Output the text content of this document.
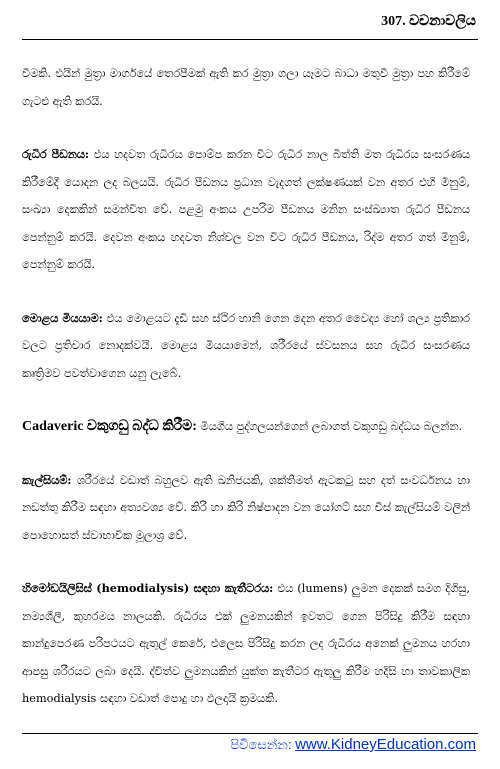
307. වචනාවලිය

වීමකි. එයින් මුත්‍රා මාර්ගයේ තෙරපීමක් ඇති කර මුත්‍රා ගලා යෑමට බාධා මතුවී මුත්‍රා පහ කිරීමේ ගැටළු ඇති කරයි.

රුධිර පීඩනය: එය හදවත රුධිරය පොම්ප කරන විට රුධිර නාල බිත්ති මත රුධිරය සංසරණය කිරීමේදී යොදන ලද බලයයි. රුධිර පීඩනය ප්‍රධාන වැදගත් ලක්ෂණයක් වන අතර එහි මිනුම්, සංඛ්‍යා දෙකකින් සමන්විත වේ. පළමු අංකය උපරිම පීඩනය මනින සංස්ඛ්‍යාත රුධිර පීඩනය පෙන්නුම් කරයි. දෙවන අංකය හදවත නිශ්චල වන විට රුධිර පීඩනය, රිද්ම අතර ගත් මිනුම්, පෙන්නුම් කරයි.

මොළය මියයාම: එය මොළයට දැඩි සහ ස්ථිර හානි ගෙන දෙන අතර වෛද්‍ය හෝ ශල්‍ය ප්‍රතිකාර වලට ප්‍රතිචාර නොදක්වයි. මොළය මියයාමෙන්, ශරීරයේ ස්වසනය සහ රුධිර සංසරණය කෘත්‍රිමව පවත්වාගෙන යනු ලැබේ.

Cadaveric වකුගඩු බද්ධ කිරීම: මියගිය පුද්ගලයන්ගෙන් ලබාගත් වකුගඩු බද්ධය බලන්න.

කැල්සියම්: ශරීරයේ වඩාත් බහුලව ඇති ඛනිජයකි, ශක්තිමත් ඇටකටු සහ දත් සංවර්ධනය හා නඩත්තු කිරීම සඳහා අත්‍යවශ්‍ය වේ. කිරි හා කිරි නිෂ්පාදන වන යෝගට් සහ චීස් කැල්සියම් වලින් පොහොසත් ස්වාභාවික මූලාශ්‍ර වේ.

හිමෝඩයිලිසිස් (hemodialysis) සඳහා කැතීටරය: එය (lumens) ලුමන දෙකක් සමග දිගිසු, නම්‍යශීලී, කුහරමය නාලයකි. රුධිරය එක් ලුමනයකින් ඉවතට ගෙන පිරිසිදු කිරීම සඳහා කාන්දුපෙරණ පරිපථයට ඇතුල් කෙරේ, එලෙස පිරිසිදු කරන ලද රුධිරය අනෙක් ලුමනය හරහා ආපසු ශරීරයට ලබා දෙයි. ද්විත්ව ලුමනයකින් යුක්ත කැතීටර ඇතුලු කිරීම හදිසි හා තාවකාලික hemodialysis සඳහා වඩාත් පොදු හා ඵලදායි ක්‍රමයකි.

පිවිසෙන්න: www.KidneyEducation.com
